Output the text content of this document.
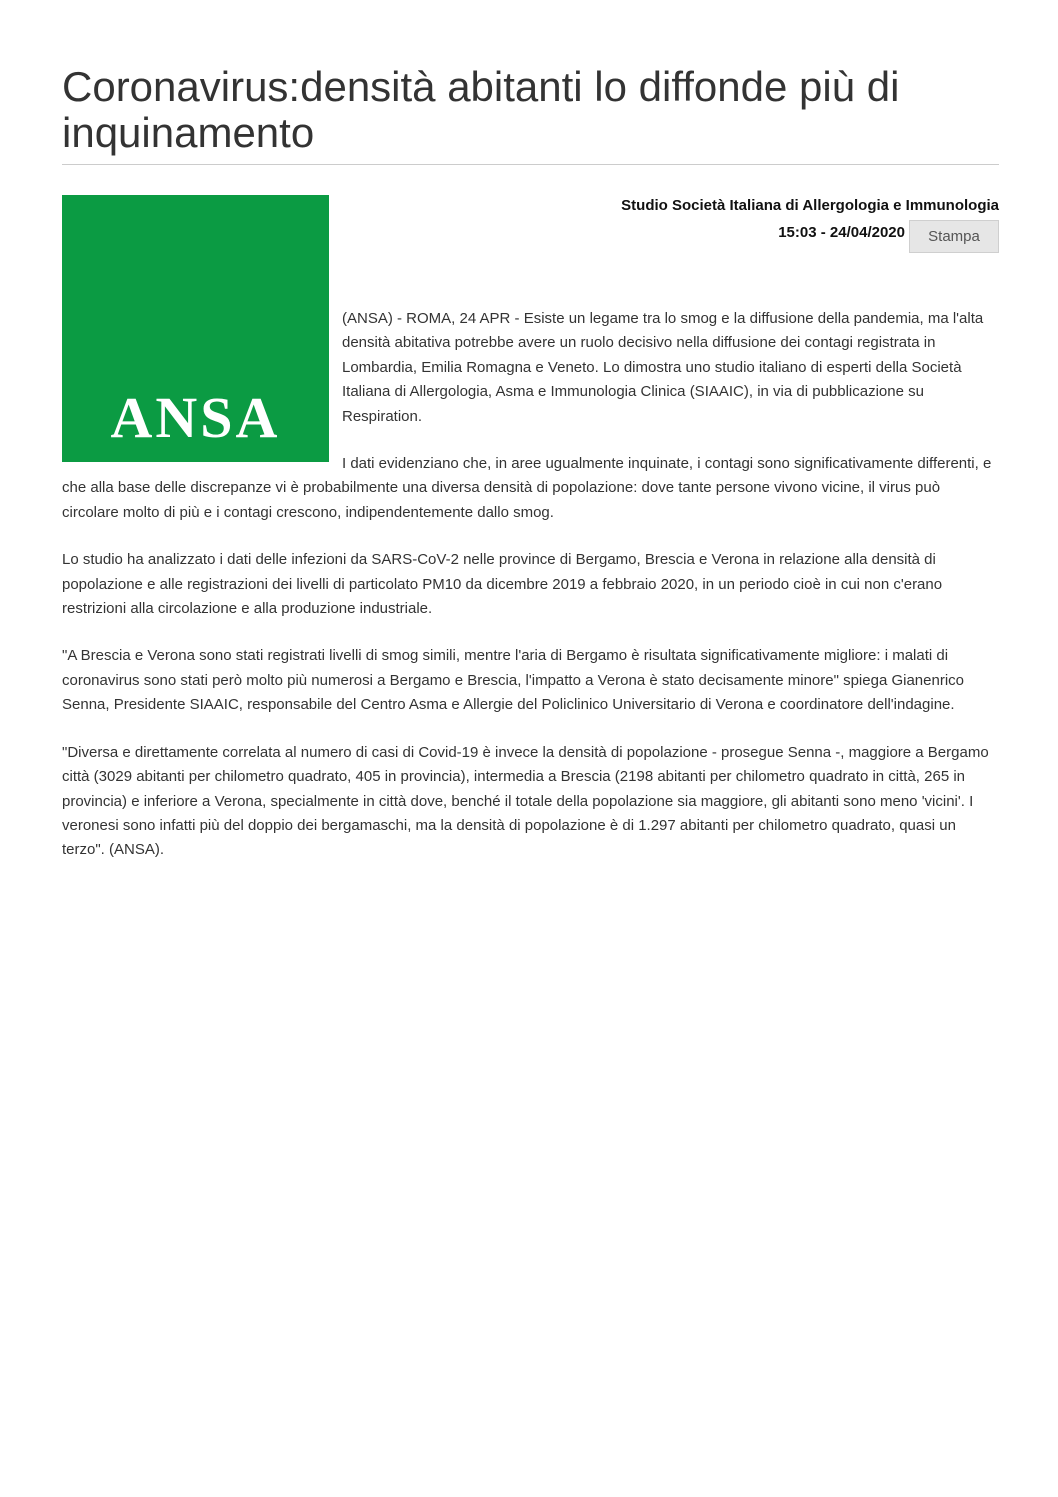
Coronavirus:densità abitanti lo diffonde più di inquinamento
ANSA
Studio Società Italiana di Allergologia e Immunologia
15:03 - 24/04/2020	Stampa

(ANSA) - ROMA, 24 APR - Esiste un legame tra lo smog e la diffusione della pandemia, ma l'alta densità abitativa potrebbe avere un ruolo decisivo nella diffusione dei contagi registrata in Lombardia, Emilia Romagna e Veneto. Lo dimostra uno studio italiano di esperti della Società Italiana di Allergologia, Asma e Immunologia Clinica (SIAAIC), in via di pubblicazione su Respiration.

I dati evidenziano che, in aree ugualmente inquinate, i contagi sono significativamente differenti, e che alla base delle discrepanze vi è probabilmente una diversa densità di popolazione: dove tante persone vivono vicine, il virus può circolare molto di più e i contagi crescono, indipendentemente dallo smog.

Lo studio ha analizzato i dati delle infezioni da SARS-CoV-2 nelle province di Bergamo, Brescia e Verona in relazione alla densità di popolazione e alle registrazioni dei livelli di particolato PM10 da dicembre 2019 a febbraio 2020, in un periodo cioè in cui non c'erano restrizioni alla circolazione e alla produzione industriale.

"A Brescia e Verona sono stati registrati livelli di smog simili, mentre l'aria di Bergamo è risultata significativamente migliore: i malati di coronavirus sono stati però molto più numerosi a Bergamo e Brescia, l'impatto a Verona è stato decisamente minore" spiega Gianenrico Senna, Presidente SIAAIC, responsabile del Centro Asma e Allergie del Policlinico Universitario di Verona e coordinatore dell'indagine.

"Diversa e direttamente correlata al numero di casi di Covid-19 è invece la densità di popolazione - prosegue Senna -, maggiore a Bergamo città (3029 abitanti per chilometro quadrato, 405 in provincia), intermedia a Brescia (2198 abitanti per chilometro quadrato in città, 265 in provincia) e inferiore a Verona, specialmente in città dove, benché il totale della popolazione sia maggiore, gli abitanti sono meno 'vicini'. I veronesi sono infatti più del doppio dei bergamaschi, ma la densità di popolazione è di 1.297 abitanti per chilometro quadrato, quasi un terzo". (ANSA).
